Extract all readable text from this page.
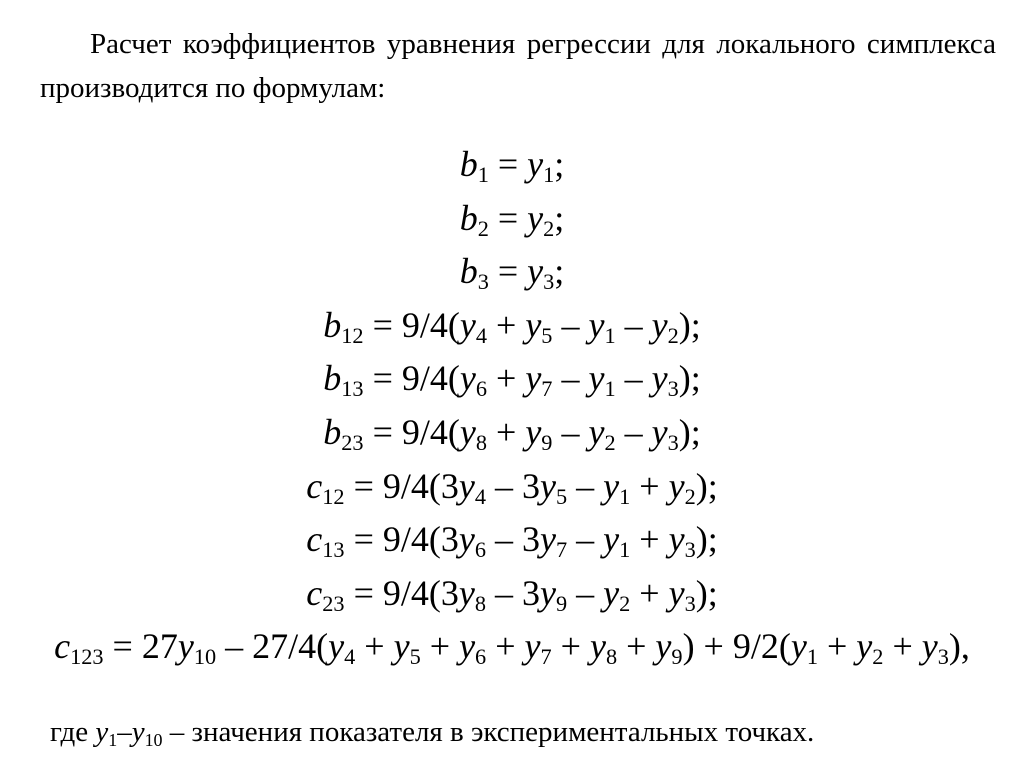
Расчет коэффициентов уравнения регрессии для локального симплекса производится по формулам:

$b_1 = y_1$;
$b_2 = y_2$;
$b_3 = y_3$;
$b_{12} = 9/4(y_4 + y_5 - y_1 - y_2)$;
$b_{13} = 9/4(y_6 + y_7 - y_1 - y_3)$;
$b_{23} = 9/4(y_8 + y_9 - y_2 - y_3)$;
$c_{12} = 9/4(3y_4 - 3y_5 - y_1 + y_2)$;
$c_{13} = 9/4(3y_6 - 3y_7 - y_1 + y_3)$;
$c_{23} = 9/4(3y_8 - 3y_9 - y_2 + y_3)$;
$c_{123} = 27y_{10} - 27/4(y_4 + y_5 + y_6 + y_7 + y_8 + y_9) + 9/2(y_1 + y_2 + y_3)$,

где $y_1-y_{10}$ – значения показателя в экспериментальных точках.
